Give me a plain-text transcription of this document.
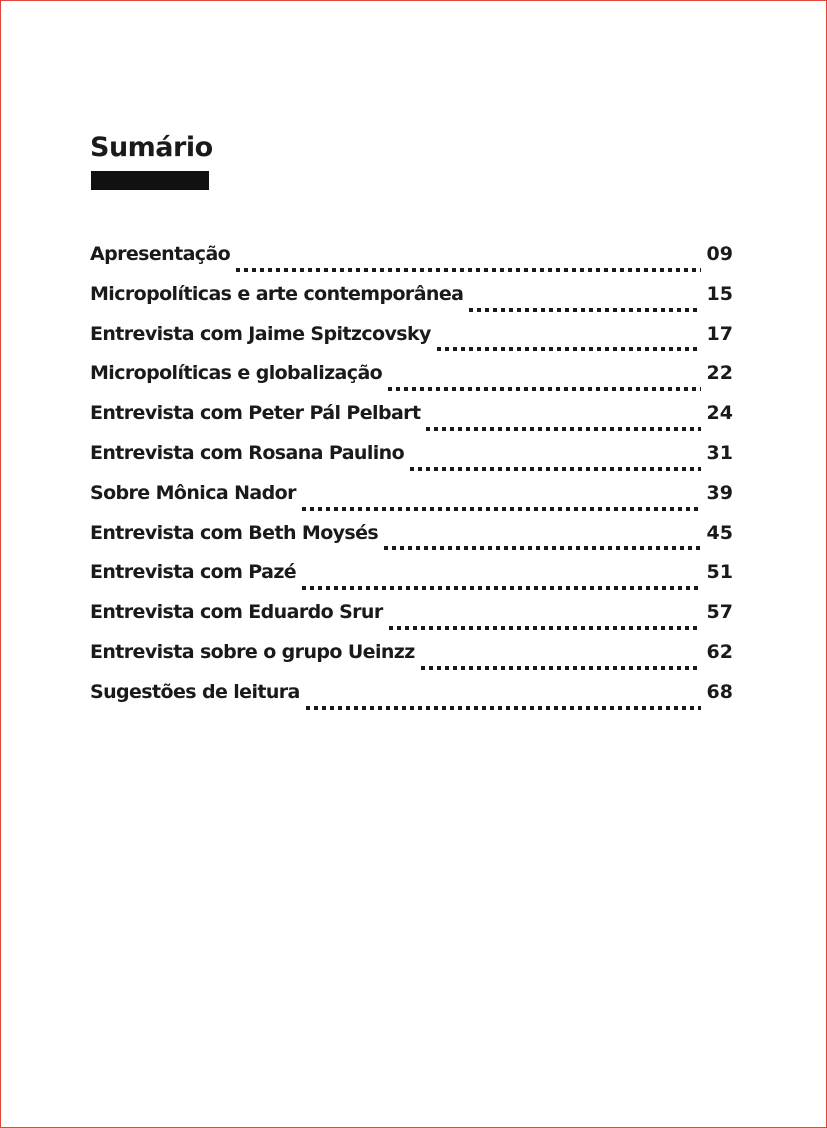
Sumário
Apresentação	09
Micropolíticas e arte contemporânea	15
Entrevista com Jaime Spitzcovsky	17
Micropolíticas e globalização	22
Entrevista com Peter Pál Pelbart	24
Entrevista com Rosana Paulino	31
Sobre Mônica Nador	39
Entrevista com Beth Moysés	45
Entrevista com Pazé	51
Entrevista com Eduardo Srur	57
Entrevista sobre o grupo Ueinzz	62
Sugestões de leitura	68
